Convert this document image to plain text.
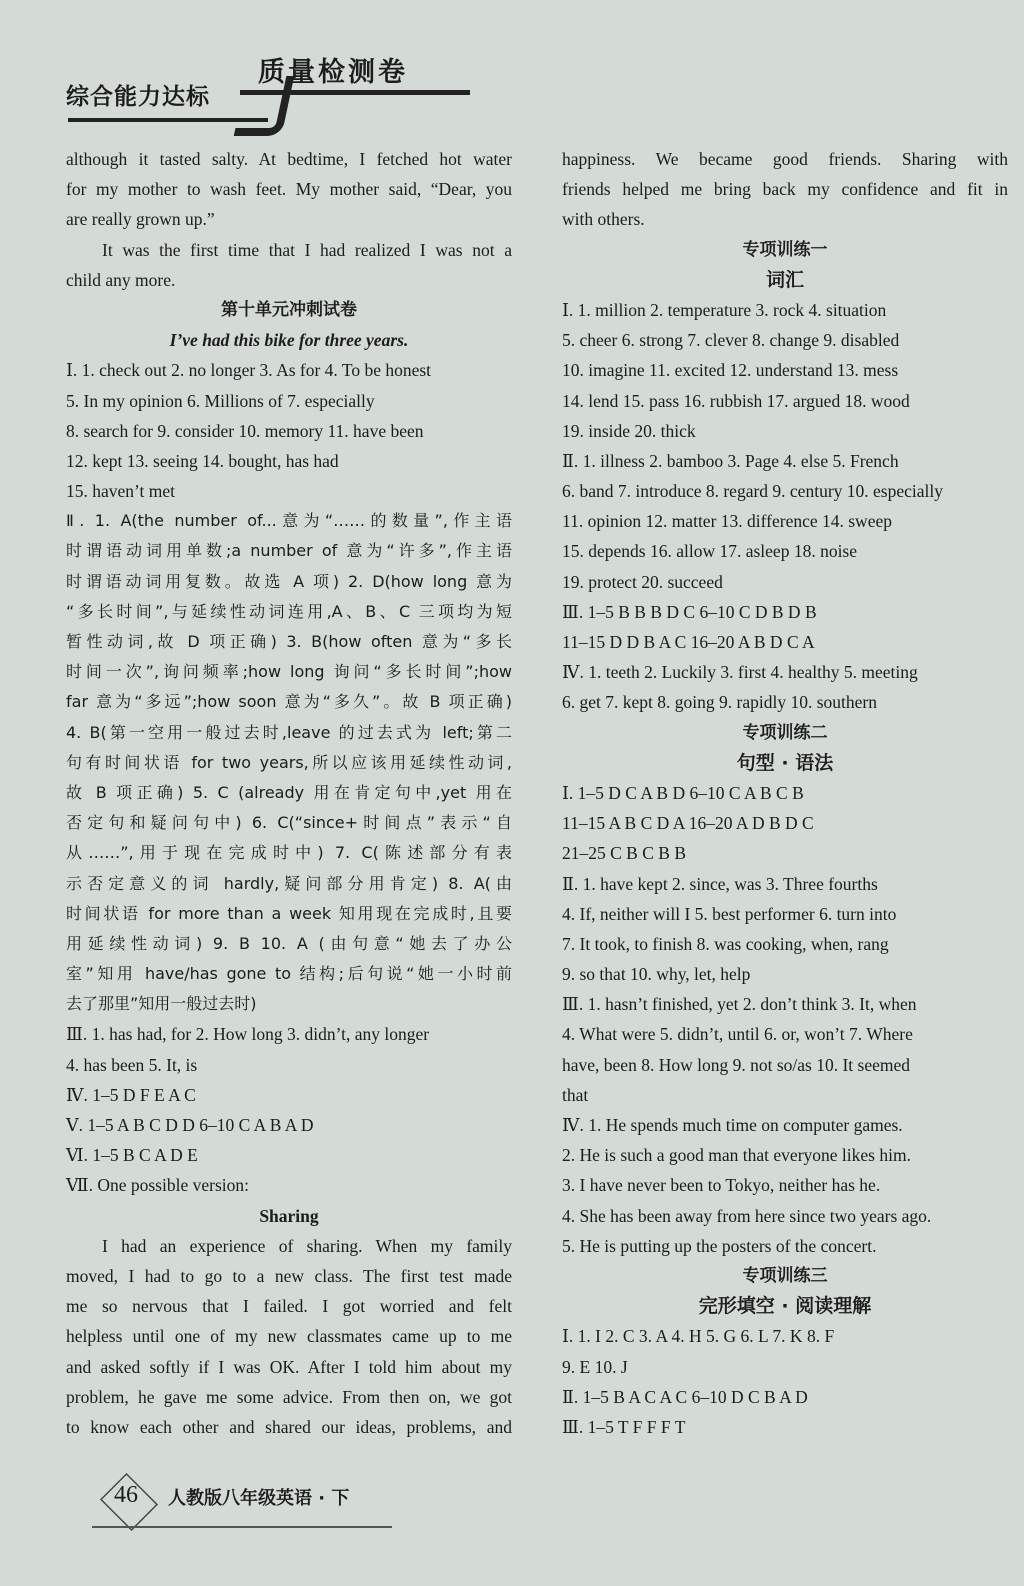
综合能力达标
质量检测卷
although it tasted salty. At bedtime, I fetched hot water
for my mother to wash feet. My mother said, “Dear, you
are really grown up.”
It was the first time that I had realized I was not a
child any more.
第十单元冲刺试卷
I’ve had this bike for three years.
Ⅰ. 1. check out 2. no longer 3. As for 4. To be honest
5. In my opinion 6. Millions of 7. especially
8. search for 9. consider 10. memory 11. have been
12. kept 13. seeing 14. bought, has had
15. haven’t met
Ⅱ. 1. A(the number of...意为“……的数量”,作主语
时谓语动词用单数;a number of 意为“许多”,作主语
时谓语动词用复数。故选 A 项) 2. D(how long 意为
“多长时间”,与延续性动词连用,A、B、C 三项均为短
暂性动词,故 D 项正确) 3. B(how often 意为“多长
时间一次”,询问频率;how long 询问“多长时间”;how
far 意为“多远”;how soon 意为“多久”。故 B 项正确)
4. B(第一空用一般过去时,leave 的过去式为 left;第二
句有时间状语 for two years,所以应该用延续性动词,
故 B 项正确) 5. C (already 用在肯定句中,yet 用在
否定句和疑问句中) 6. C(“since+时间点”表示“自
从……”,用于现在完成时中) 7. C(陈述部分有表
示否定意义的词 hardly,疑问部分用肯定) 8. A(由
时间状语 for more than a week 知用现在完成时,且要
用延续性动词) 9. B 10. A (由句意“她去了办公
室”知用 have/has gone to 结构;后句说“她一小时前
去了那里”知用一般过去时)
Ⅲ. 1. has had, for 2. How long 3. didn’t, any longer
4. has been 5. It, is
Ⅳ. 1–5 D F E A C
Ⅴ. 1–5 A B C D D 6–10 C A B A D
Ⅵ. 1–5 B C A D E
Ⅶ. One possible version:
Sharing
I had an experience of sharing. When my family
moved, I had to go to a new class. The first test made
me so nervous that I failed. I got worried and felt
helpless until one of my new classmates came up to me
and asked softly if I was OK. After I told him about my
problem, he gave me some advice. From then on, we got
to know each other and shared our ideas, problems, and
happiness. We became good friends. Sharing with
friends helped me bring back my confidence and fit in
with others.
专项训练一
词汇
Ⅰ. 1. million 2. temperature 3. rock 4. situation
5. cheer 6. strong 7. clever 8. change 9. disabled
10. imagine 11. excited 12. understand 13. mess
14. lend 15. pass 16. rubbish 17. argued 18. wood
19. inside 20. thick
Ⅱ. 1. illness 2. bamboo 3. Page 4. else 5. French
6. band 7. introduce 8. regard 9. century 10. especially
11. opinion 12. matter 13. difference 14. sweep
15. depends 16. allow 17. asleep 18. noise
19. protect 20. succeed
Ⅲ. 1–5 B B B D C 6–10 C D B D B
11–15 D D B A C 16–20 A B D C A
Ⅳ. 1. teeth 2. Luckily 3. first 4. healthy 5. meeting
6. get 7. kept 8. going 9. rapidly 10. southern
专项训练二
句型 · 语法
Ⅰ. 1–5 D C A B D 6–10 C A B C B
11–15 A B C D A 16–20 A D B D C
21–25 C B C B B
Ⅱ. 1. have kept 2. since, was 3. Three fourths
4. If, neither will I 5. best performer 6. turn into
7. It took, to finish 8. was cooking, when, rang
9. so that 10. why, let, help
Ⅲ. 1. hasn’t finished, yet 2. don’t think 3. It, when
4. What were 5. didn’t, until 6. or, won’t 7. Where
have, been 8. How long 9. not so/as 10. It seemed
that
Ⅳ. 1. He spends much time on computer games.
2. He is such a good man that everyone likes him.
3. I have never been to Tokyo, neither has he.
4. She has been away from here since two years ago.
5. He is putting up the posters of the concert.
专项训练三
完形填空 · 阅读理解
Ⅰ. 1. I 2. C 3. A 4. H 5. G 6. L 7. K 8. F
9. E 10. J
Ⅱ. 1–5 B A C A C 6–10 D C B A D
Ⅲ. 1–5 T F F F T
46 人教版八年级英语 · 下
